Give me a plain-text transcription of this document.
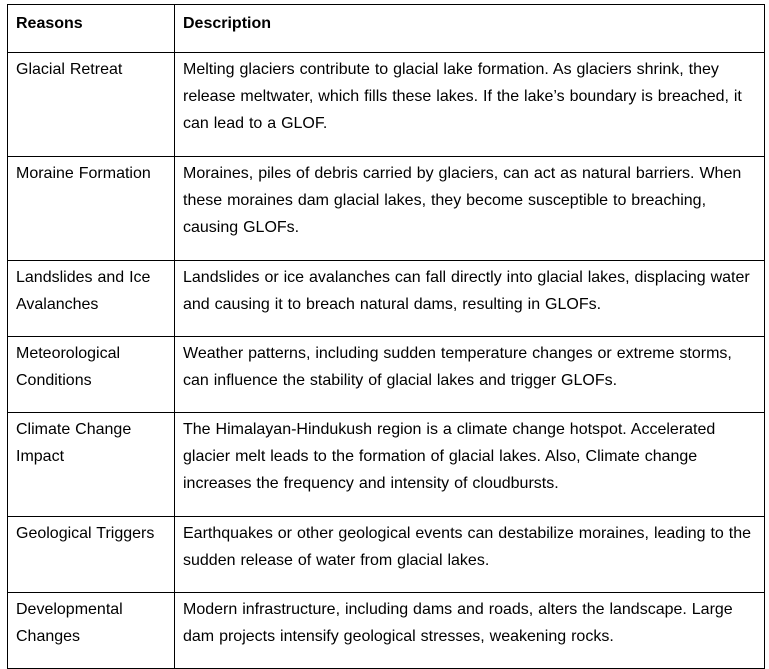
Reasons	Description
Glacial Retreat	Melting glaciers contribute to glacial lake formation. As glaciers shrink, they release meltwater, which fills these lakes. If the lake’s boundary is breached, it can lead to a GLOF.
Moraine Formation	Moraines, piles of debris carried by glaciers, can act as natural barriers. When these moraines dam glacial lakes, they become susceptible to breaching, causing GLOFs.
Landslides and Ice Avalanches	Landslides or ice avalanches can fall directly into glacial lakes, displacing water and causing it to breach natural dams, resulting in GLOFs.
Meteorological Conditions	Weather patterns, including sudden temperature changes or extreme storms, can influence the stability of glacial lakes and trigger GLOFs.
Climate Change Impact	The Himalayan-Hindukush region is a climate change hotspot. Accelerated glacier melt leads to the formation of glacial lakes. Also, Climate change increases the frequency and intensity of cloudbursts.
Geological Triggers	Earthquakes or other geological events can destabilize moraines, leading to the sudden release of water from glacial lakes.
Developmental Changes	Modern infrastructure, including dams and roads, alters the landscape. Large dam projects intensify geological stresses, weakening rocks.
